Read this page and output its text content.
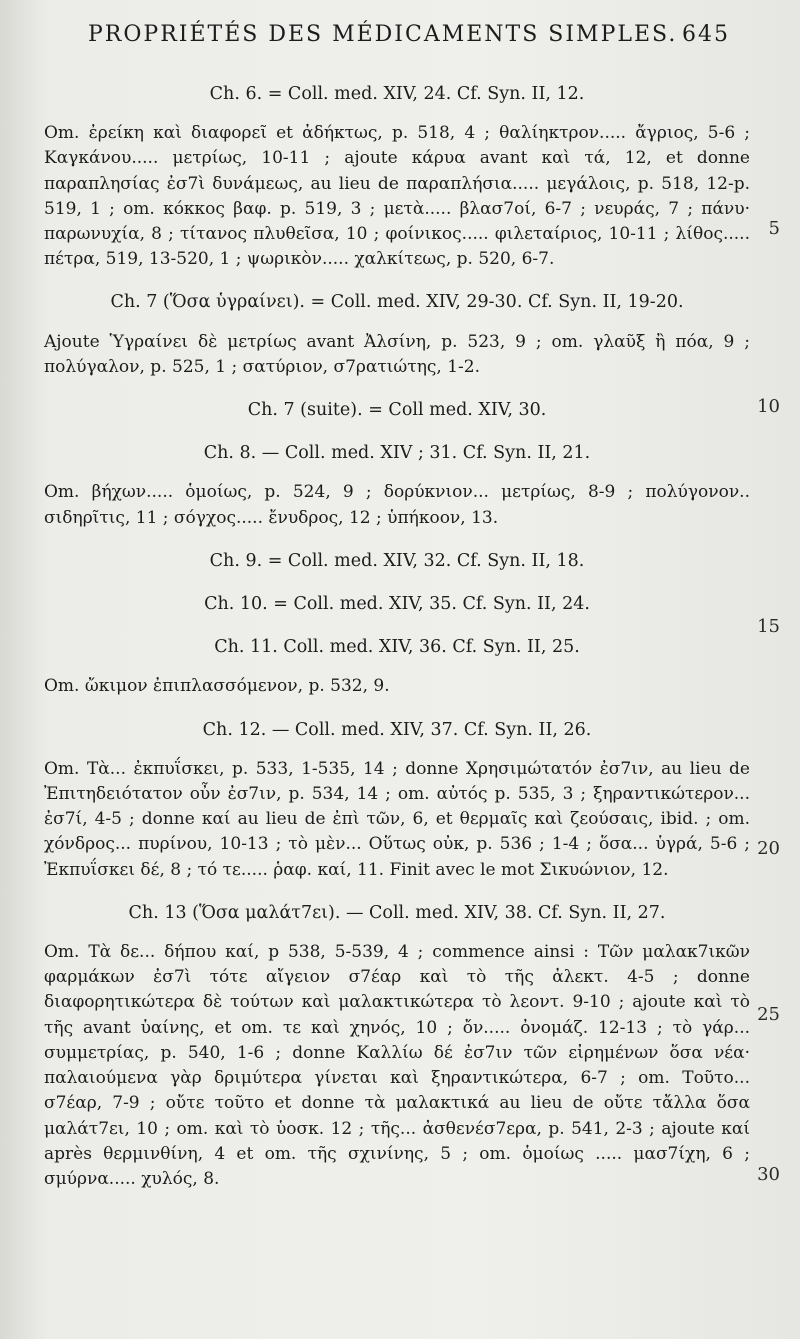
PROPRIÉTÉS DES MÉDICAMENTS SIMPLES. 645

Ch. 6. = Coll. med. XIV, 24. Cf. Syn. II, 12.

Om. ἐρείκη καὶ διαφορεῖ et ἀδήκτως, p. 518, 4 ; θαλίηκτρον..... ἄγριος, 5-6 ; Καγκάνου..... μετρίως, 10-11 ; ajoute κάρυα avant καὶ τά, 12, et donne παραπλησίας ἐσ7ὶ δυνάμεως, au lieu de παραπλήσια..... μεγάλοις, p. 518, 12-p. 519, 1 ; om. κόκκος βαφ. p. 519, 3 ; μετὰ..... βλασ7οί, 6-7 ; νευράς, 7 ; πάνυ· παρωνυχία, 8 ; τίτανος πλυθεῖσα, 10 ; φοίνικος..... φιλεταίριος, 10-11 ; λίθος..... πέτρα, 519, 13-520, 1 ; ψωρικὸν..... χαλκίτεως, p. 520, 6-7.

Ch. 7 (Ὅσα ὑγραίνει). = Coll. med. XIV, 29-30. Cf. Syn. II, 19-20.

Ajoute Ὑγραίνει δὲ μετρίως avant Ἀλσίνη, p. 523, 9 ; om. γλαῦξ ἢ πόα, 9 ; πολύγαλον, p. 525, 1 ; σατύριον, σ7ρατιώτης, 1-2.

Ch. 7 (suite). = Coll med. XIV, 30.

Ch. 8. — Coll. med. XIV ; 31. Cf. Syn. II, 21.

Om. βήχων..... ὁμοίως, p. 524, 9 ; δορύκνιον... μετρίως, 8-9 ; πολύγονον.. σιδηρῖτις, 11 ; σόγχος..... ἔνυδρος, 12 ; ὑπήκοον, 13.

Ch. 9. = Coll. med. XIV, 32. Cf. Syn. II, 18.

Ch. 10. = Coll. med. XIV, 35. Cf. Syn. II, 24.

Ch. 11. Coll. med. XIV, 36. Cf. Syn. II, 25.

Om. ὤκιμον ἐπιπλασσόμενον, p. 532, 9.

Ch. 12. — Coll. med. XIV, 37. Cf. Syn. II, 26.

Om. Τὰ... ἐκπυΐσκει, p. 533, 1-535, 14 ; donne Χρησιμώτατόν ἐσ7ιν, au lieu de Ἐπιτηδειότατον οὖν ἐσ7ιν, p. 534, 14 ; om. αὐτός p. 535, 3 ; ξηραντικώτερον... ἐσ7ί, 4-5 ; donne καί au lieu de ἐπὶ τῶν, 6, et θερμαῖς καὶ ζεούσαις, ibid. ; om. χόνδρος... πυρίνου, 10-13 ; τὸ μὲν... Οὕτως οὐκ, p. 536 ; 1-4 ; ὅσα... ὑγρά, 5-6 ; Ἐκπυΐσκει δέ, 8 ; τό τε..... ῥαφ. καί, 11. Finit avec le mot Σικυώνιον, 12.

Ch. 13 (Ὅσα μαλάτ7ει). — Coll. med. XIV, 38. Cf. Syn. II, 27.

Om. Τὰ δε... δήπου καί, p 538, 5-539, 4 ; commence ainsi : Τῶν μαλακ7ικῶν φαρμάκων ἐσ7ὶ τότε αἴγειον σ7έαρ καὶ τὸ τῆς ἀλεκτ. 4-5 ; donne διαφορητικώτερα δὲ τούτων καὶ μαλακτικώτερα τὸ λεοντ. 9-10 ; ajoute καὶ τὸ τῆς avant ὑαίνης, et om. τε καὶ χηνός, 10 ; ὄν..... ὀνομάζ. 12-13 ; τὸ γάρ... συμμετρίας, p. 540, 1-6 ; donne Καλλίω δέ ἐσ7ιν τῶν εἰρημένων ὅσα νέα· παλαιούμενα γὰρ δριμύτερα γίνεται καὶ ξηραντικώτερα, 6-7 ; om. Τοῦτο... σ7έαρ, 7-9 ; οὔτε τοῦτο et donne τὰ μαλακτικά au lieu de οὔτε τἄλλα ὅσα μαλάτ7ει, 10 ; om. καὶ τὸ ὑοσκ. 12 ; τῆς... ἀσθενέσ7ερα, p. 541, 2-3 ; ajoute καί après θερμινθίνη, 4 et om. τῆς σχινίνης, 5 ; om. ὁμοίως ..... μασ7ίχη, 6 ; σμύρνα..... χυλός, 8.

5
10
15
20
25
30
